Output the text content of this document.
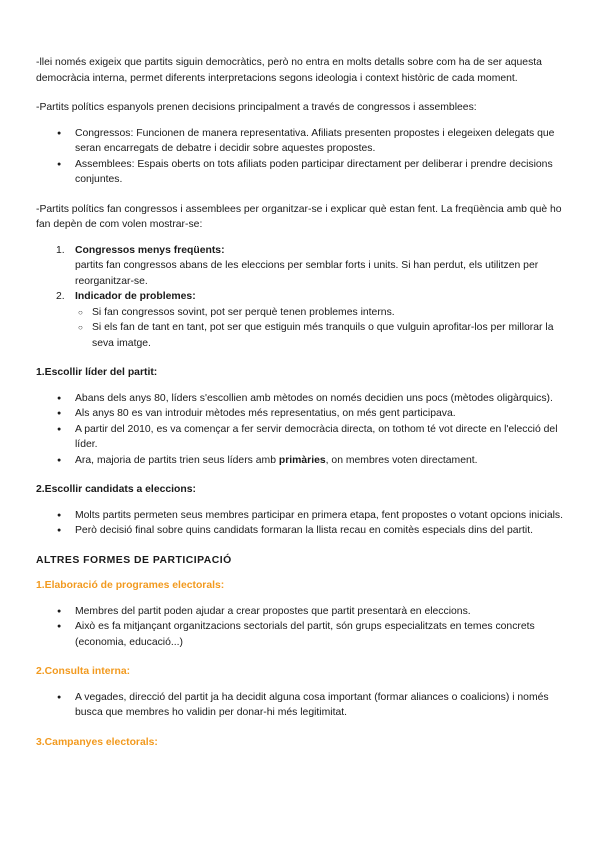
-llei només exigeix que partits siguin democràtics, però no entra en molts detalls sobre com ha de ser aquesta democràcia interna, permet diferents interpretacions segons ideologia i context històric de cada moment.

-Partits polítics espanyols prenen decisions principalment a través de congressos i assemblees:

● Congressos: Funcionen de manera representativa. Afiliats presenten propostes i elegeixen delegats que seran encarregats de debatre i decidir sobre aquestes propostes.
● Assemblees: Espais oberts on tots afiliats poden participar directament per deliberar i prendre decisions conjuntes.

-Partits polítics fan congressos i assemblees per organitzar-se i explicar què estan fent. La freqüència amb què ho fan depèn de com volen mostrar-se:

1. Congressos menys freqüents:
partits fan congressos abans de les eleccions per semblar forts i units. Si han perdut, els utilitzen per reorganitzar-se.
2. Indicador de problemes:
○ Si fan congressos sovint, pot ser perquè tenen problemes interns.
○ Si els fan de tant en tant, pot ser que estiguin més tranquils o que vulguin aprofitar-los per millorar la seva imatge.

1.Escollir líder del partit:

● Abans dels anys 80, líders s'escollien amb mètodes on només decidien uns pocs (mètodes oligàrquics).
● Als anys 80 es van introduir mètodes més representatius, on més gent participava.
● A partir del 2010, es va començar a fer servir democràcia directa, on tothom té vot directe en l'elecció del líder.
● Ara, majoria de partits trien seus líders amb primàries, on membres voten directament.

2.Escollir candidats a eleccions:

● Molts partits permeten seus membres participar en primera etapa, fent propostes o votant opcions inicials.
● Però decisió final sobre quins candidats formaran la llista recau en comitès especials dins del partit.

ALTRES FORMES DE PARTICIPACIÓ

1.Elaboració de programes electorals:

● Membres del partit poden ajudar a crear propostes que partit presentarà en eleccions.
● Això es fa mitjançant organitzacions sectorials del partit, són grups especialitzats en temes concrets (economia, educació...)

2.Consulta interna:

● A vegades, direcció del partit ja ha decidit alguna cosa important (formar aliances o coalicions) i només busca que membres ho validin per donar-hi més legitimitat.

3.Campanyes electorals:
